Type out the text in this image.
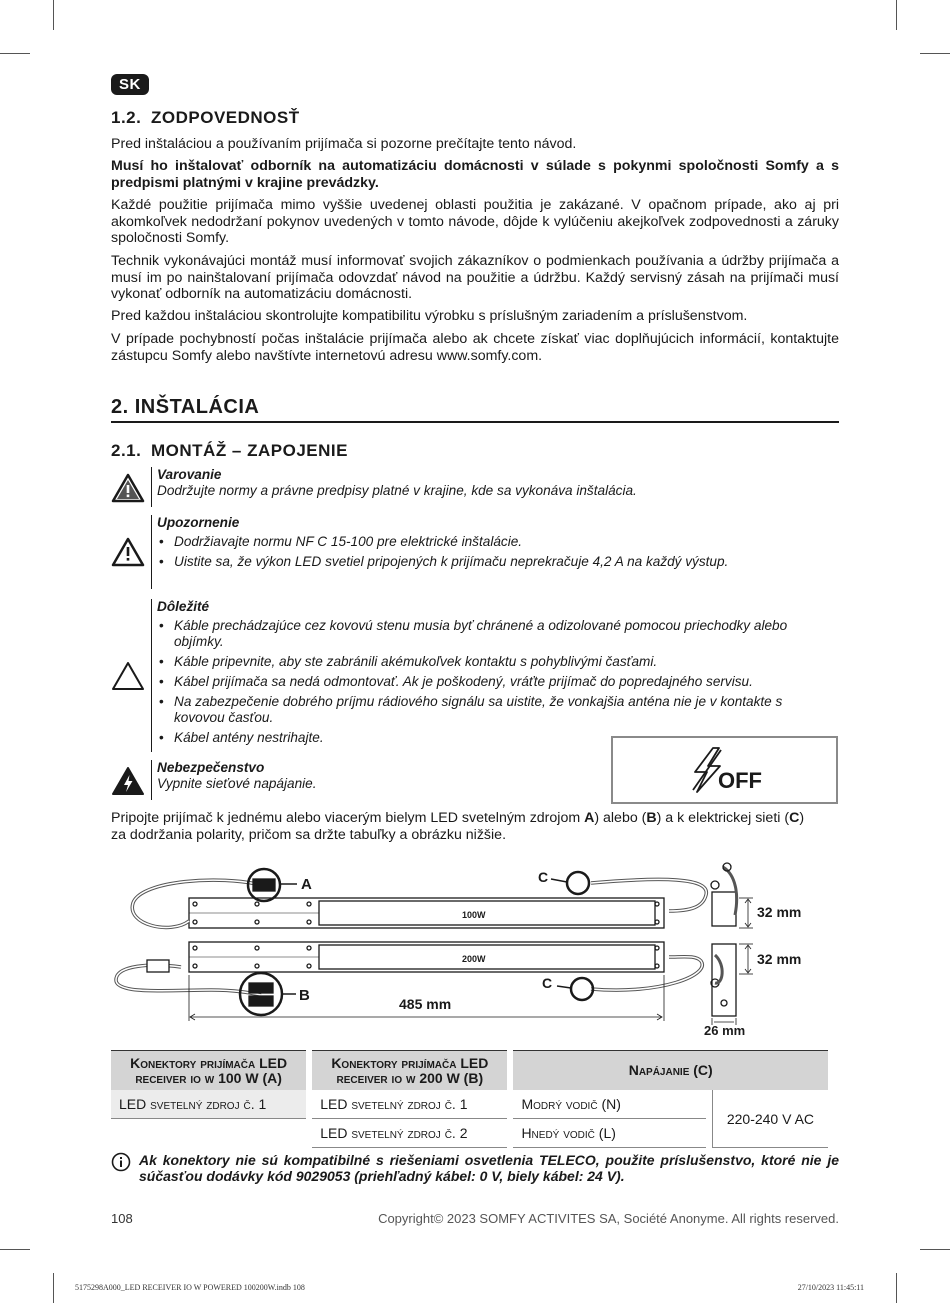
SK
1.2. ZODPOVEDNOSŤ

Pred inštaláciou a používaním prijímača si pozorne prečítajte tento návod.

Musí ho inštalovať odborník na automatizáciu domácnosti v súlade s pokynmi spoločnosti Somfy a s predpismi platnými v krajine prevádzky.

Každé použitie prijímača mimo vyššie uvedenej oblasti použitia je zakázané. V opačnom prípade, ako aj pri akomkoľvek nedodržaní pokynov uvedených v tomto návode, dôjde k vylúčeniu akejkoľvek zodpovednosti a záruky spoločnosti Somfy.

Technik vykonávajúci montáž musí informovať svojich zákazníkov o podmienkach používania a údržby prijímača a musí im po nainštalovaní prijímača odovzdať návod na použitie a údržbu. Každý servisný zásah na prijímači musí vykonať odborník na automatizáciu domácnosti.

Pred každou inštaláciou skontrolujte kompatibilitu výrobku s príslušným zariadením a príslušenstvom.

V prípade pochybností počas inštalácie prijímača alebo ak chcete získať viac doplňujúcich informácií, kontaktujte zástupcu Somfy alebo navštívte internetovú adresu www.somfy.com.

2. INŠTALÁCIA
2.1. MONTÁŽ – ZAPOJENIE
Varovanie
Dodržujte normy a právne predpisy platné v krajine, kde sa vykonáva inštalácia.
Upozornenie
• Dodržiavajte normu NF C 15-100 pre elektrické inštalácie.
• Uistite sa, že výkon LED svetiel pripojených k prijímaču neprekračuje 4,2 A na každý výstup.
Dôležité
• Káble prechádzajúce cez kovovú stenu musia byť chránené a odizolované pomocou priechodky alebo objímky.
• Káble pripevnite, aby ste zabránili akémukoľvek kontaktu s pohyblivými časťami.
• Kábel prijímača sa nedá odmontovať. Ak je poškodený, vráťte prijímač do popredajného servisu.
• Na zabezpečenie dobrého príjmu rádiového signálu sa uistite, že vonkajšia anténa nie je v kontakte s kovovou časťou.
• Kábel antény nestrihajte.
Nebezpečenstvo
Vypnite sieťové napájanie.	OFF

Pripojte prijímač k jednému alebo viacerým bielym LED svetelným zdrojom A) alebo (B) a k elektrickej sieti (C)
za dodržania polarity, pričom sa držte tabuľky a obrázku nižšie.

A
B
C
C
100W
200W
485 mm
32 mm
32 mm
26 mm
Konektory prijímača LED
receiver io w 100 W (A)	Konektory prijímača LED
receiver io w 200 W (B)	Napájanie (C)	
LED svetelný zdroj č. 1	LED svetelný zdroj č. 1	Modrý vodič (N)	220-240 V AC
	LED svetelný zdroj č. 2	Hnedý vodič (L)	
Ak konektory nie sú kompatibilné s riešeniami osvetlenia TELECO, použite príslušenstvo, ktoré nie je súčasťou dodávky kód 9029053 (priehľadný kábel: 0 V, biely kábel: 24 V).
108	Copyright© 2023 SOMFY ACTIVITES SA, Société Anonyme. All rights reserved.
5175298A000_LED RECEIVER IO W POWERED 100200W.indb 108	27/10/2023 11:45:11
